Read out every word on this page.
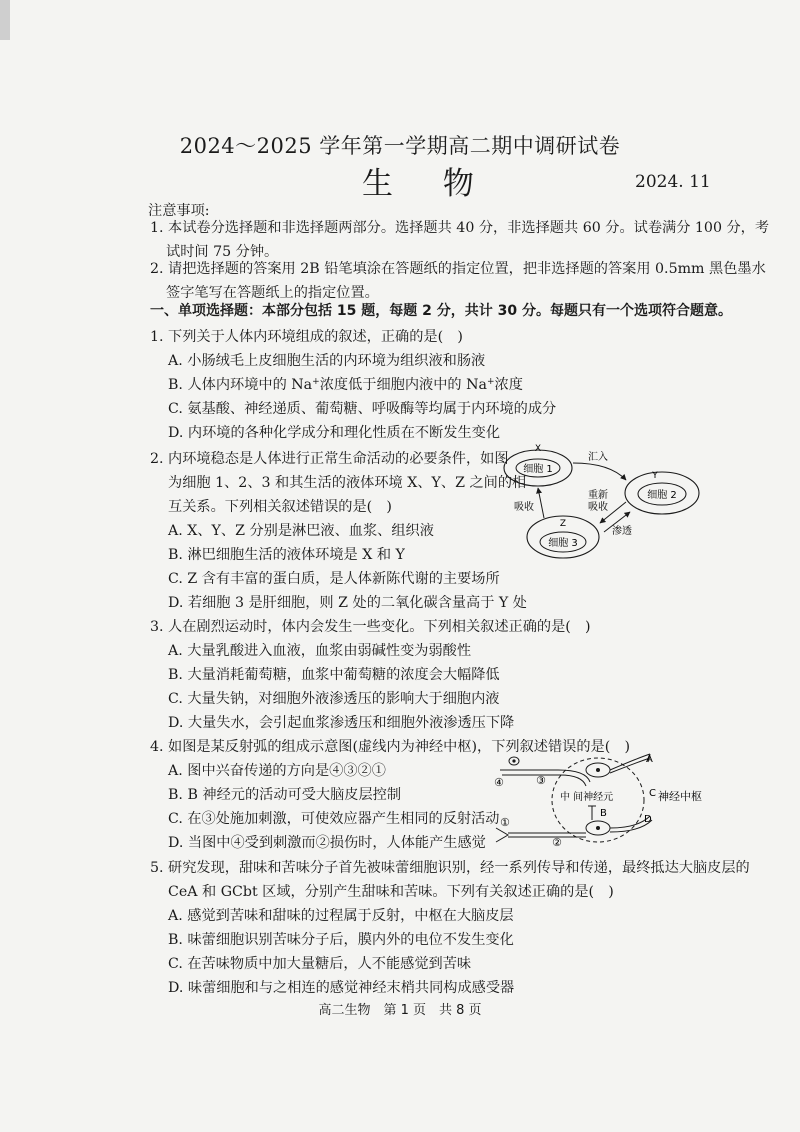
2024～2025 学年第一学期高二期中调研试卷
生 物	2024. 11
注意事项:
1. 本试卷分选择题和非选择题两部分。选择题共 40 分，非选择题共 60 分。试卷满分 100 分，考
试时间 75 分钟。
2. 请把选择题的答案用 2B 铅笔填涂在答题纸的指定位置，把非选择题的答案用 0.5mm 黑色墨水
签字笔写在答题纸上的指定位置。
一、单项选择题：本部分包括 15 题，每题 2 分，共计 30 分。每题只有一个选项符合题意。
1. 下列关于人体内环境组成的叙述，正确的是(　)
A. 小肠绒毛上皮细胞生活的内环境为组织液和肠液
B. 人体内环境中的 Na+浓度低于细胞内液中的 Na+浓度
C. 氨基酸、神经递质、葡萄糖、呼吸酶等均属于内环境的成分
D. 内环境的各种化学成分和理化性质在不断发生变化
2. 内环境稳态是人体进行正常生命活动的必要条件，如图
为细胞 1、2、3 和其生活的液体环境 X、Y、Z 之间的相
互关系。下列相关叙述错误的是(　)
A. X、Y、Z 分别是淋巴液、血浆、组织液
B. 淋巴细胞生活的液体环境是 X 和 Y
C. Z 含有丰富的蛋白质，是人体新陈代谢的主要场所
D. 若细胞 3 是肝细胞，则 Z 处的二氧化碳含量高于 Y 处
细胞 1
X
细胞 2
Y
细胞 3
Z
汇入
重新
吸收
渗透
吸收
3. 人在剧烈运动时，体内会发生一些变化。下列相关叙述正确的是(　)
A. 大量乳酸进入血液，血浆由弱碱性变为弱酸性
B. 大量消耗葡萄糖，血浆中葡萄糖的浓度会大幅降低
C. 大量失钠，对细胞外液渗透压的影响大于细胞内液
D. 大量失水，会引起血浆渗透压和细胞外液渗透压下降
4. 如图是某反射弧的组成示意图(虚线内为神经中枢)，下列叙述错误的是(　)
A. 图中兴奋传递的方向是④③②①
B. B 神经元的活动可受大脑皮层控制
C. 在③处施加刺激，可使效应器产生相同的反射活动
D. 当图中④受到刺激而②损伤时，人体能产生感觉
④	③
A
C 神经中枢
中 间神经元
B
D
①
②
5. 研究发现，甜味和苦味分子首先被味蕾细胞识别，经一系列传导和传递，最终抵达大脑皮层的
CeA 和 GCbt 区域，分别产生甜味和苦味。下列有关叙述正确的是(　)
A. 感觉到苦味和甜味的过程属于反射，中枢在大脑皮层
B. 味蕾细胞识别苦味分子后，膜内外的电位不发生变化
C. 在苦味物质中加大量糖后，人不能感觉到苦味
D. 味蕾细胞和与之相连的感觉神经末梢共同构成感受器
高二生物　第 1 页　共 8 页
